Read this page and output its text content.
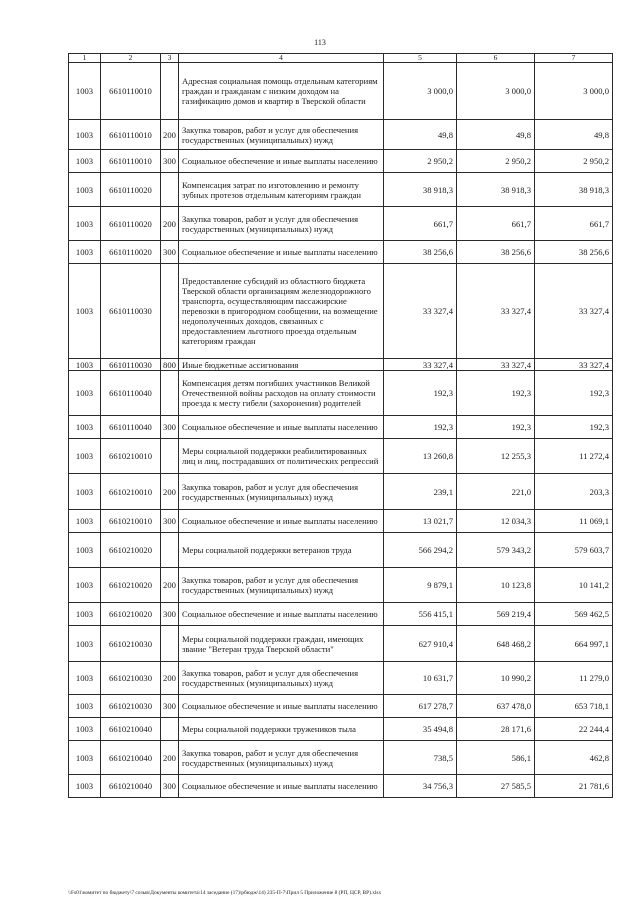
113
1	2	3	4	5	6	7
1003	6610110010		Адресная социальная помощь отдельным категориям граждан и гражданам с низким доходом на газификацию домов и квартир в Тверской области	3 000,0	3 000,0	3 000,0
1003	6610110010	200	Закупка товаров, работ и услуг для обеспечения государственных (муниципальных) нужд	49,8	49,8	49,8
1003	6610110010	300	Социальное обеспечение и иные выплаты населению	2 950,2	2 950,2	2 950,2
1003	6610110020		Компенсация затрат по изготовлению и ремонту зубных протезов отдельным категориям граждан	38 918,3	38 918,3	38 918,3
1003	6610110020	200	Закупка товаров, работ и услуг для обеспечения государственных (муниципальных) нужд	661,7	661,7	661,7
1003	6610110020	300	Социальное обеспечение и иные выплаты населению	38 256,6	38 256,6	38 256,6
1003	6610110030		Предоставление субсидий из областного бюджета Тверской области организациям железнодорожного транспорта, осуществляющим пассажирские перевозки в пригородном сообщении, на возмещение недополученных доходов, связанных с предоставлением льготного проезда отдельным категориям граждан	33 327,4	33 327,4	33 327,4
1003	6610110030	800	Иные бюджетные ассигнования	33 327,4	33 327,4	33 327,4
1003	6610110040		Компенсация детям погибших участников Великой Отечественной войны расходов на оплату стоимости проезда к месту гибели (захоронения) родителей	192,3	192,3	192,3
1003	6610110040	300	Социальное обеспечение и иные выплаты населению	192,3	192,3	192,3
1003	6610210010		Меры социальной поддержки реабилитированных лиц и лиц, пострадавших от политических репрессий	13 260,8	12 255,3	11 272,4
1003	6610210010	200	Закупка товаров, работ и услуг для обеспечения государственных (муниципальных) нужд	239,1	221,0	203,3
1003	6610210010	300	Социальное обеспечение и иные выплаты населению	13 021,7	12 034,3	11 069,1
1003	6610210020		Меры социальной поддержки ветеранов труда	566 294,2	579 343,2	579 603,7
1003	6610210020	200	Закупка товаров, работ и услуг для обеспечения государственных (муниципальных) нужд	9 879,1	10 123,8	10 141,2
1003	6610210020	300	Социальное обеспечение и иные выплаты населению	556 415,1	569 219,4	569 462,5
1003	6610210030		Меры социальной поддержки граждан, имеющих звание "Ветеран труда Тверской области"	627 910,4	648 468,2	664 997,1
1003	6610210030	200	Закупка товаров, работ и услуг для обеспечения государственных (муниципальных) нужд	10 631,7	10 990,2	11 279,0
1003	6610210030	300	Социальное обеспечение и иные выплаты населению	617 278,7	637 478,0	653 718,1
1003	6610210040		Меры социальной поддержки тружеников тыла	35 494,8	28 171,6	22 244,4
1003	6610210040	200	Закупка товаров, работ и услуг для обеспечения государственных (муниципальных) нужд	738,5	586,1	462,8
1003	6610210040	300	Социальное обеспечение и иные выплаты населению	34 756,3	27 585,5	21 781,6
\\Fs01\комитет по бюджету\7 созыв\Документы комитета\14 заседание (17)\рбюдж\14) 235-П-7\Прил 5 Приложение 8 (РП, ЦСР, ВР).xlsx
